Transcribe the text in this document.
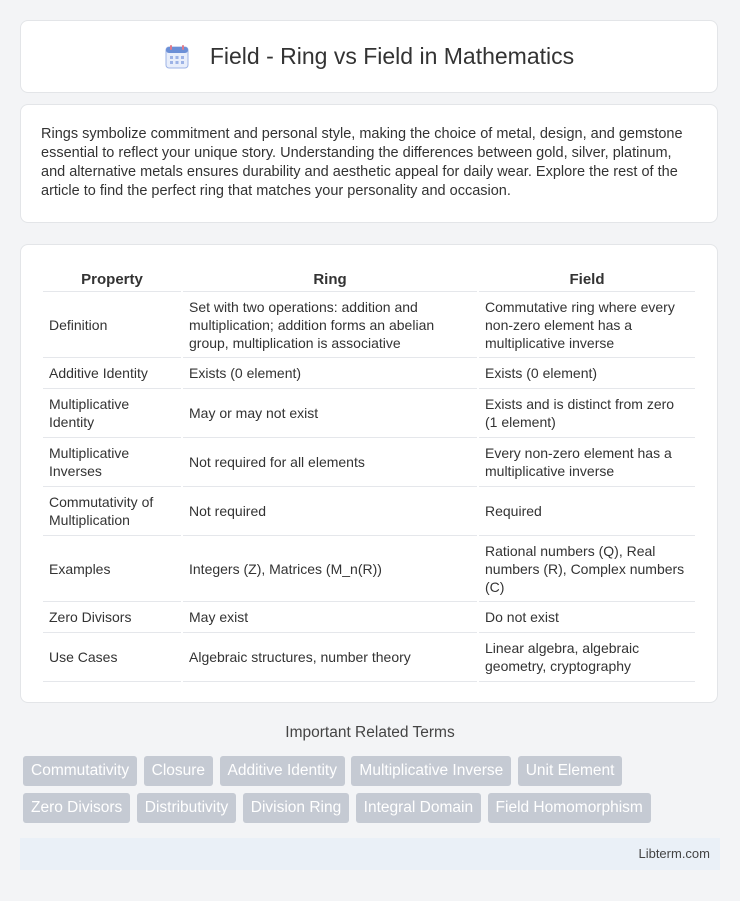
Field - Ring vs Field in Mathematics

Rings symbolize commitment and personal style, making the choice of metal, design, and gemstone essential to reflect your unique story. Understanding the differences between gold, silver, platinum, and alternative metals ensures durability and aesthetic appeal for daily wear. Explore the rest of the article to find the perfect ring that matches your personality and occasion.

Property	Ring	Field
Definition	Set with two operations: addition and multiplication; addition forms an abelian group, multiplication is associative	Commutative ring where every non-zero element has a multiplicative inverse
Additive Identity	Exists (0 element)	Exists (0 element)
Multiplicative Identity	May or may not exist	Exists and is distinct from zero (1 element)
Multiplicative Inverses	Not required for all elements	Every non-zero element has a multiplicative inverse
Commutativity of Multiplication	Not required	Required
Examples	Integers (Z), Matrices (M_n(R))	Rational numbers (Q), Real numbers (R), Complex numbers (C)
Zero Divisors	May exist	Do not exist
Use Cases	Algebraic structures, number theory	Linear algebra, algebraic geometry, cryptography
Important Related Terms
Commutativity Closure Additive Identity Multiplicative Inverse Unit Element Zero Divisors Distributivity Division Ring Integral Domain Field Homomorphism
Libterm.com
